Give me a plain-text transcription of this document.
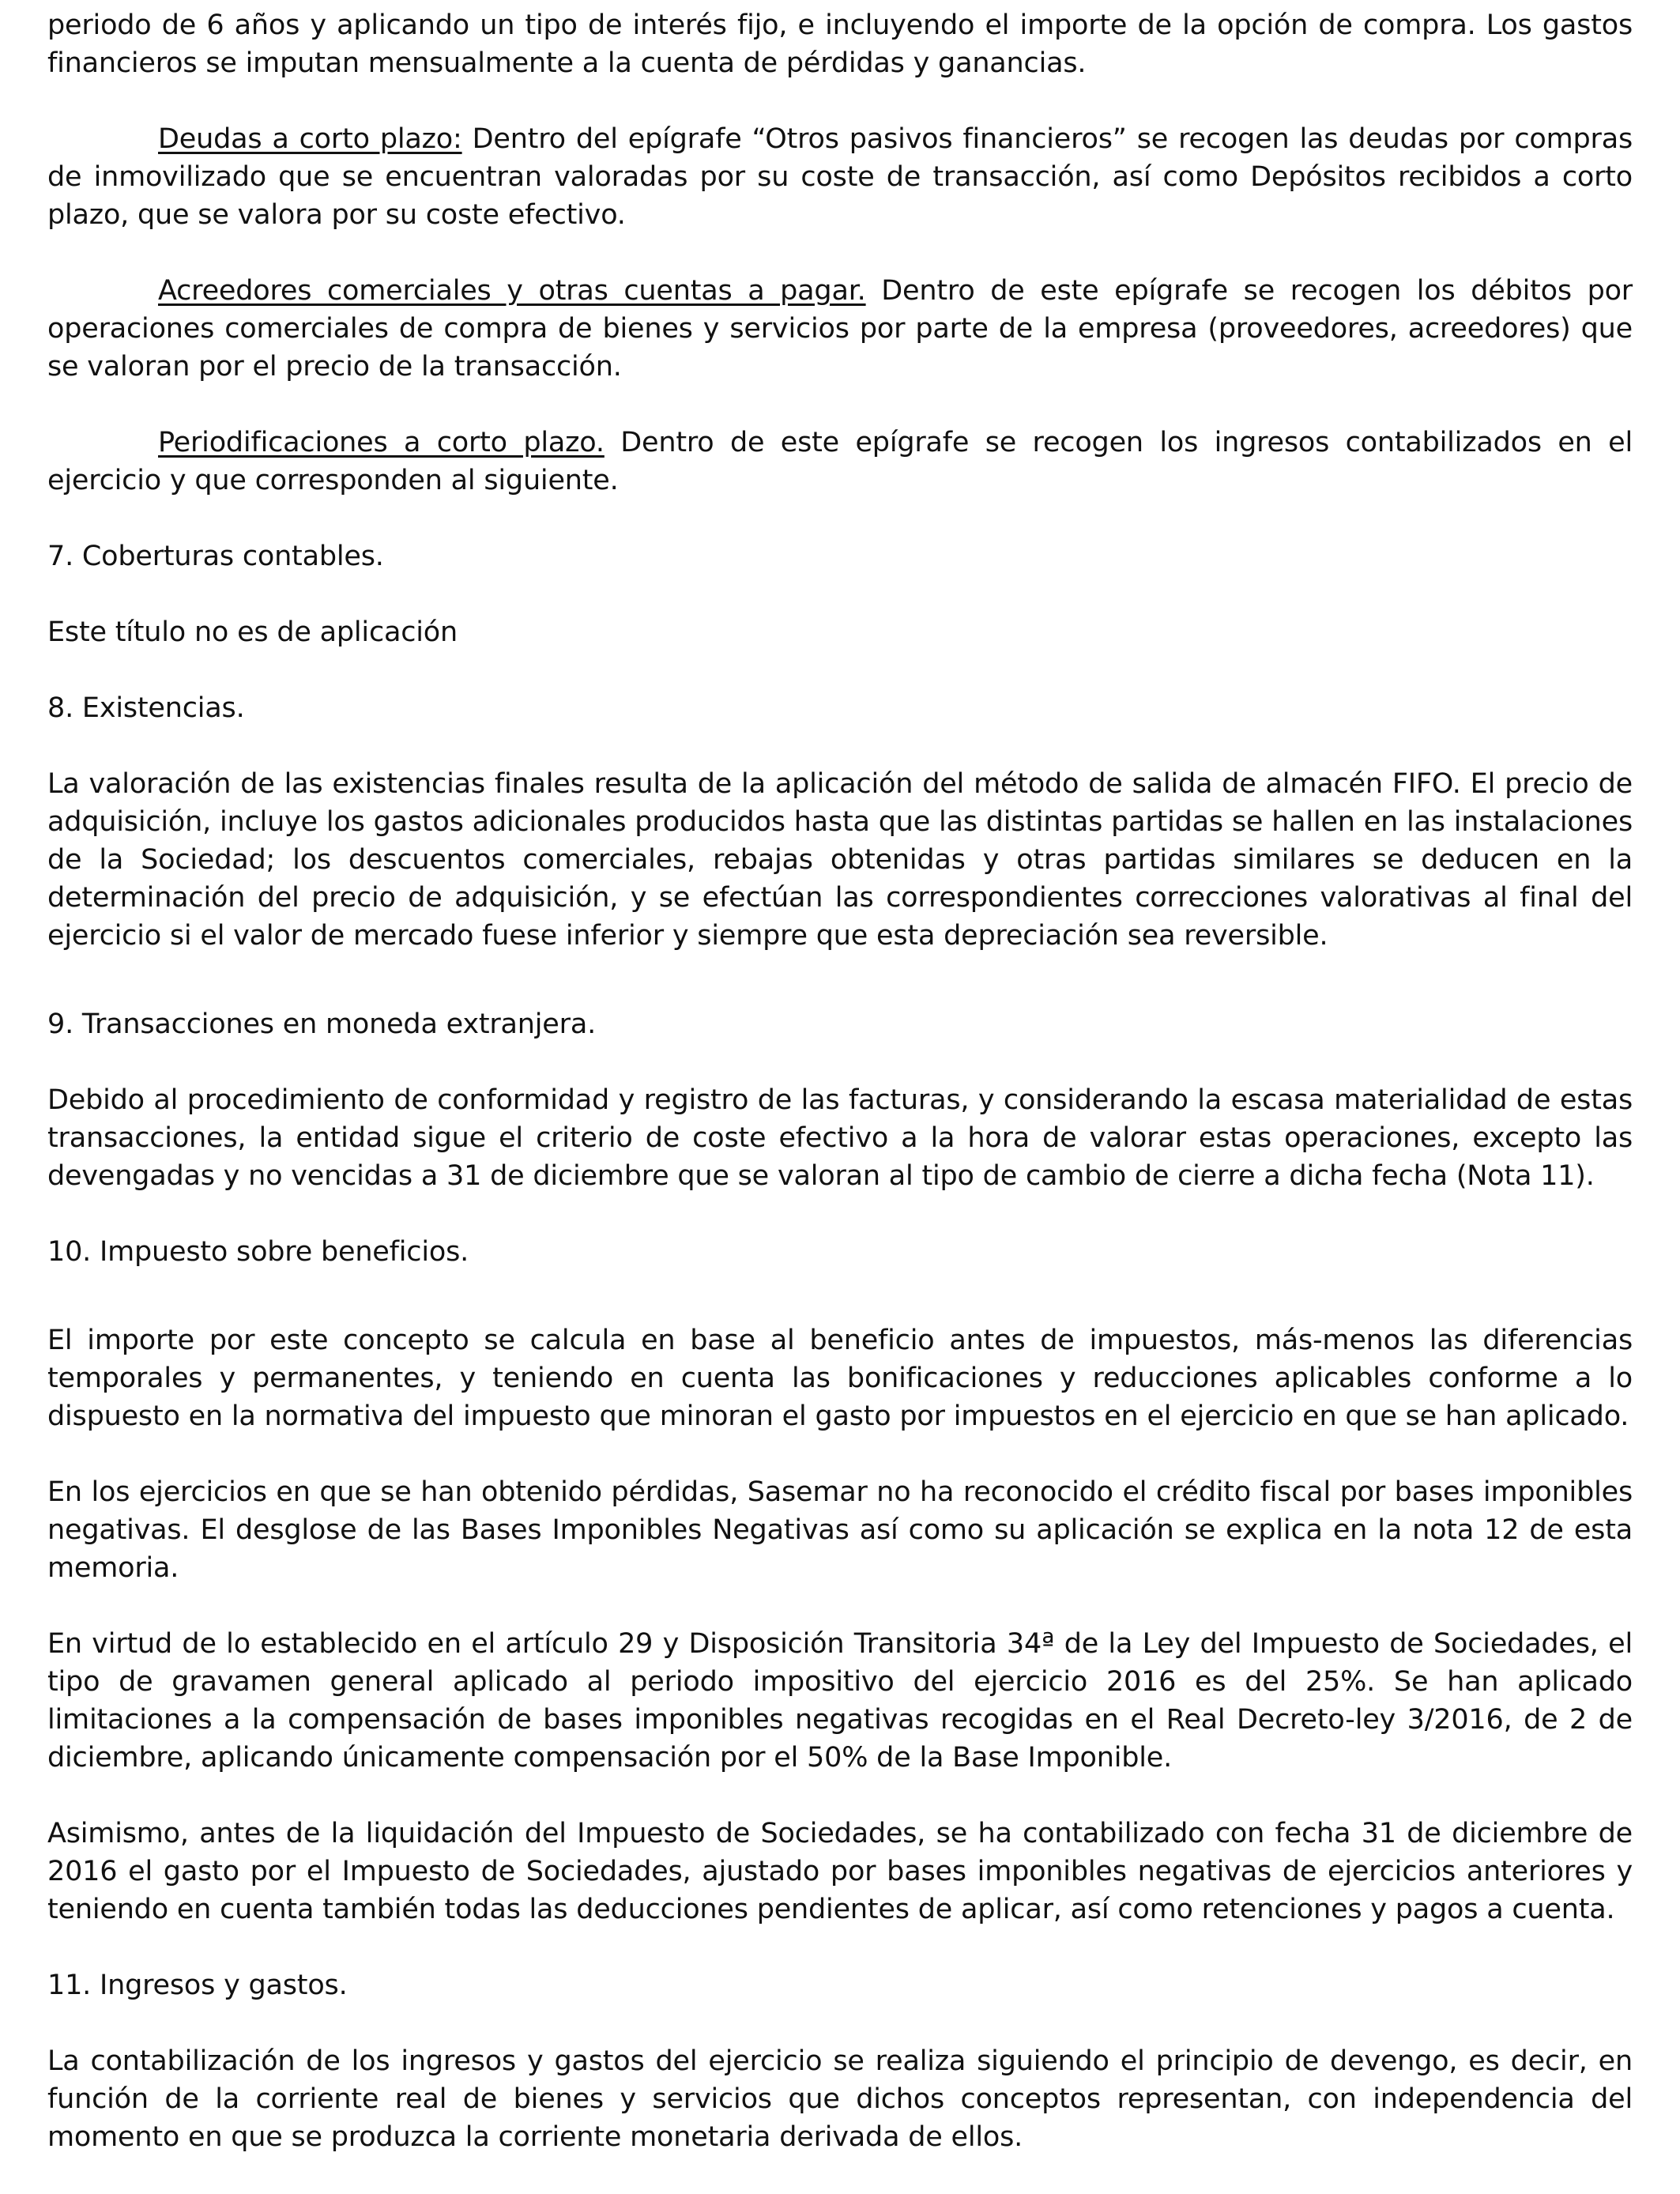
periodo de 6 años y aplicando un tipo de interés fijo, e incluyendo el importe de la opción de compra. Los gastos financieros se imputan mensualmente a la cuenta de pérdidas y ganancias.

Deudas a corto plazo: Dentro del epígrafe “Otros pasivos financieros” se recogen las deudas por compras de inmovilizado que se encuentran valoradas por su coste de transacción, así como Depósitos recibidos a corto plazo, que se valora por su coste efectivo.

Acreedores comerciales y otras cuentas a pagar. Dentro de este epígrafe se recogen los débitos por operaciones comerciales de compra de bienes y servicios por parte de la empresa (proveedores, acreedores) que se valoran por el precio de la transacción.

Periodificaciones a corto plazo. Dentro de este epígrafe se recogen los ingresos contabilizados en el ejercicio y que corresponden al siguiente.

7. Coberturas contables.

Este título no es de aplicación

8. Existencias.

La valoración de las existencias finales resulta de la aplicación del método de salida de almacén FIFO. El precio de adquisición, incluye los gastos adicionales producidos hasta que las distintas partidas se hallen en las instalaciones de la Sociedad; los descuentos comerciales, rebajas obtenidas y otras partidas similares se deducen en la determinación del precio de adquisición, y se efectúan las correspondientes correcciones valorativas al final del ejercicio si el valor de mercado fuese inferior y siempre que esta depreciación sea reversible.

9. Transacciones en moneda extranjera.

Debido al procedimiento de conformidad y registro de las facturas, y considerando la escasa materialidad de estas transacciones, la entidad sigue el criterio de coste efectivo a la hora de valorar estas operaciones, excepto las devengadas y no vencidas a 31 de diciembre que se valoran al tipo de cambio de cierre a dicha fecha (Nota 11).

10. Impuesto sobre beneficios.

El importe por este concepto se calcula en base al beneficio antes de impuestos, más-menos las diferencias temporales y permanentes, y teniendo en cuenta las bonificaciones y reducciones aplicables conforme a lo dispuesto en la normativa del impuesto que minoran el gasto por impuestos en el ejercicio en que se han aplicado.

En los ejercicios en que se han obtenido pérdidas, Sasemar no ha reconocido el crédito fiscal por bases imponibles negativas. El desglose de las Bases Imponibles Negativas así como su aplicación se explica en la nota 12 de esta memoria.

En virtud de lo establecido en el artículo 29 y Disposición Transitoria 34ª de la Ley del Impuesto de Sociedades, el tipo de gravamen general aplicado al periodo impositivo del ejercicio 2016 es del 25%. Se han aplicado limitaciones a la compensación de bases imponibles negativas recogidas en el Real Decreto-ley 3/2016, de 2 de diciembre, aplicando únicamente compensación por el 50% de la Base Imponible.

Asimismo, antes de la liquidación del Impuesto de Sociedades, se ha contabilizado con fecha 31 de diciembre de 2016 el gasto por el Impuesto de Sociedades, ajustado por bases imponibles negativas de ejercicios anteriores y teniendo en cuenta también todas las deducciones pendientes de aplicar, así como retenciones y pagos a cuenta.

11. Ingresos y gastos.

La contabilización de los ingresos y gastos del ejercicio se realiza siguiendo el principio de devengo, es decir, en función de la corriente real de bienes y servicios que dichos conceptos representan, con independencia del momento en que se produzca la corriente monetaria derivada de ellos.
